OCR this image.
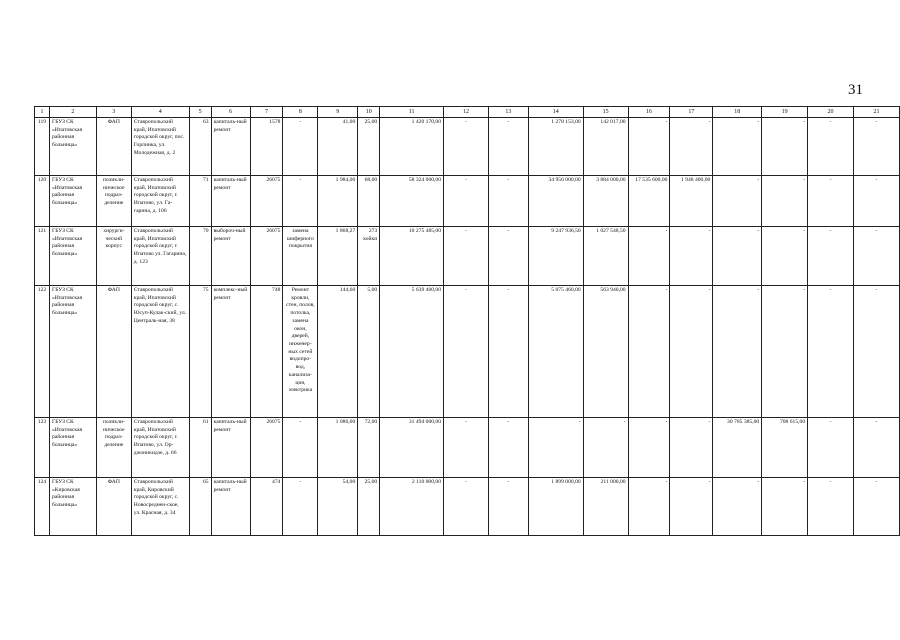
31
1	2	3	4	5	6	7	8	9	10	11	12	13	14	15	16	17	18	19	20	21
119	ГБУЗ СК «Ипатовская районная больница»	ФАП	Ставропольский край, Ипатовский городской округ, пос. Горлинка, ул. Молодежная, д. 2	63	капиталь-ный ремонт	1578	-	41,00	25,00	1 420 170,00	-	-	1 278 153,00	142 017,00	-	-	-	-	-	-
120	ГБУЗ СК «Ипатовская районная больница»	поликли-ническое подраз-деление	Ставропольский край, Ипатовский городской округ, г. Ипатово, ул. Га-гарина, д. 106	71	капиталь-ный ремонт	26075	-	1 984,00	68,00	58 324 000,00	-	-	34 956 000,00	3 884 000,00	17 535 600,00	1 948 400,00	-	-	-	-
121	ГБУЗ СК «Ипатовская районная больница»	хирурги-ческий корпус	Ставропольский край, Ипатовский городской округ, г. Ипатово ул. Гагарина, д. 123	70	выбороч-ный ремонт	26075	замена шиферного покрытия	1 868,27	273 койки	10 275 485,00	-	-	9 247 936,50	1 027 548,50	-	-	-	-	-	-
122	ГБУЗ СК «Ипатовская районная больница»	ФАП	Ставропольский край, Ипатовский городской округ, с. Юсуп-Кулак-ский, ул. Централь-ная, 38	75	комплекс-ный ремонт	748	Ремонт кровли, стен, полов, потолка, замена окон, дверей, инженер-ных сетей водопро-вод, канализа-ция, электрика	144,60	5,00	5 639 400,00	-	-	5 075 460,00	563 940,00	-	-	-	-	-	-
123	ГБУЗ СК «Ипатовская районная больница»	поликли-ническое подраз-деление	Ставропольский край, Ипатовский городской округ, г. Ипатово, ул. Ор-джоникидзе, д. 66	61	капиталь-ный ремонт	26075	-	1 086,00	72,00	31 494 000,00	-	-	-	-	-	-	30 785 385,00	708 615,00	-	-
124	ГБУЗ СК «Кировская районная больница»	ФАП	Ставропольский край, Кировский городской округ, с. Новосреднен-ское, ул. Красная, д. 34	65	капиталь-ный ремонт	474	-	54,00	25,00	2 110 000,00	-	-	1 899 000,00	211 000,00	-	-	-	-	-	-
